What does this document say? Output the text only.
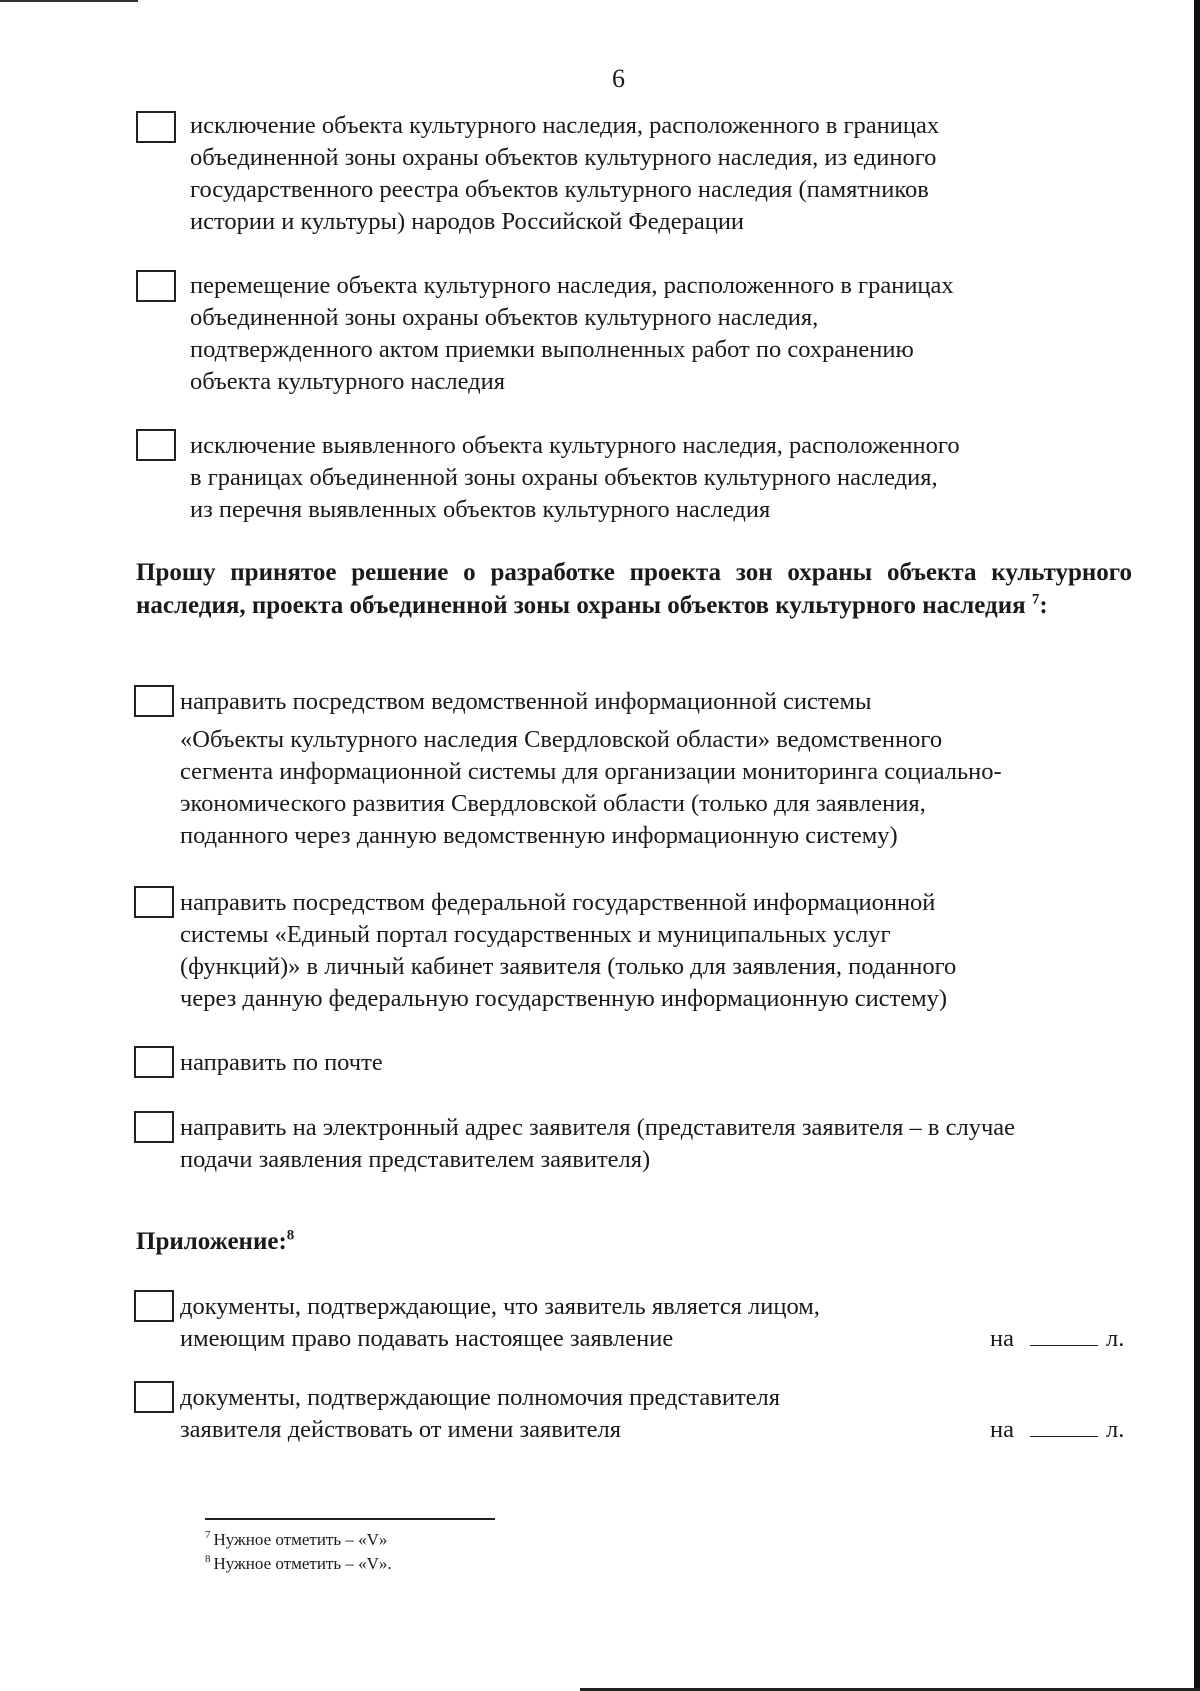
6
исключение объекта культурного наследия, расположенного в границах
объединенной зоны охраны объектов культурного наследия, из единого
государственного реестра объектов культурного наследия (памятников
истории и культуры) народов Российской Федерации
перемещение объекта культурного наследия, расположенного в границах
объединенной зоны охраны объектов культурного наследия,
подтвержденного актом приемки выполненных работ по сохранению
объекта культурного наследия
исключение выявленного объекта культурного наследия, расположенного
в границах объединенной зоны охраны объектов культурного наследия,
из перечня выявленных объектов культурного наследия

Прошу принятое решение о разработке проекта зон охраны объекта культурного наследия, проекта объединенной зоны охраны объектов культурного наследия $^7$:

направить посредством ведомственной информационной системы
«Объекты культурного наследия Свердловской области» ведомственного
сегмента информационной системы для организации мониторинга социально-
экономического развития Свердловской области (только для заявления,
поданного через данную ведомственную информационную систему)
направить посредством федеральной государственной информационной
системы «Единый портал государственных и муниципальных услуг
(функций)» в личный кабинет заявителя (только для заявления, поданного
через данную федеральную государственную информационную систему)
направить по почте
направить на электронный адрес заявителя (представителя заявителя – в случае
подачи заявления представителем заявителя)
Приложение:$^8$
документы, подтверждающие, что заявитель является лицом,
имеющим право подавать настоящее заявление	на	л.
документы, подтверждающие полномочия представителя
заявителя действовать от имени заявителя	на	л.
$^7$ Нужное отметить – «V»
$^8$ Нужное отметить – «V».
